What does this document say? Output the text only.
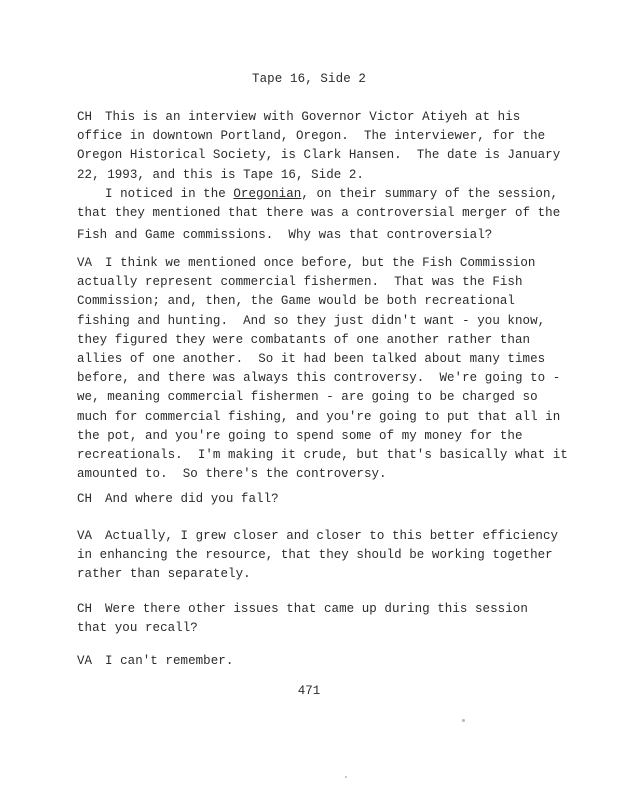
Tape 16, Side 2
CH This is an interview with Governor Victor Atiyeh at his
office in downtown Portland, Oregon.  The interviewer, for the
Oregon Historical Society, is Clark Hansen.  The date is January
22, 1993, and this is Tape 16, Side 2.
I noticed in the Oregonian, on their summary of the session,
that they mentioned that there was a controversial merger of the
Fish and Game commissions.  Why was that controversial?
VA I think we mentioned once before, but the Fish Commission
actually represent commercial fishermen.  That was the Fish
Commission; and, then, the Game would be both recreational
fishing and hunting.  And so they just didn't want - you know,
they figured they were combatants of one another rather than
allies of one another.  So it had been talked about many times
before, and there was always this controversy.  We're going to -
we, meaning commercial fishermen - are going to be charged so
much for commercial fishing, and you're going to put that all in
the pot, and you're going to spend some of my money for the
recreationals.  I'm making it crude, but that's basically what it
amounted to.  So there's the controversy.
CH And where did you fall?
VA Actually, I grew closer and closer to this better efficiency
in enhancing the resource, that they should be working together
rather than separately.
CH Were there other issues that came up during this session
that you recall?
VA I can't remember.
471
